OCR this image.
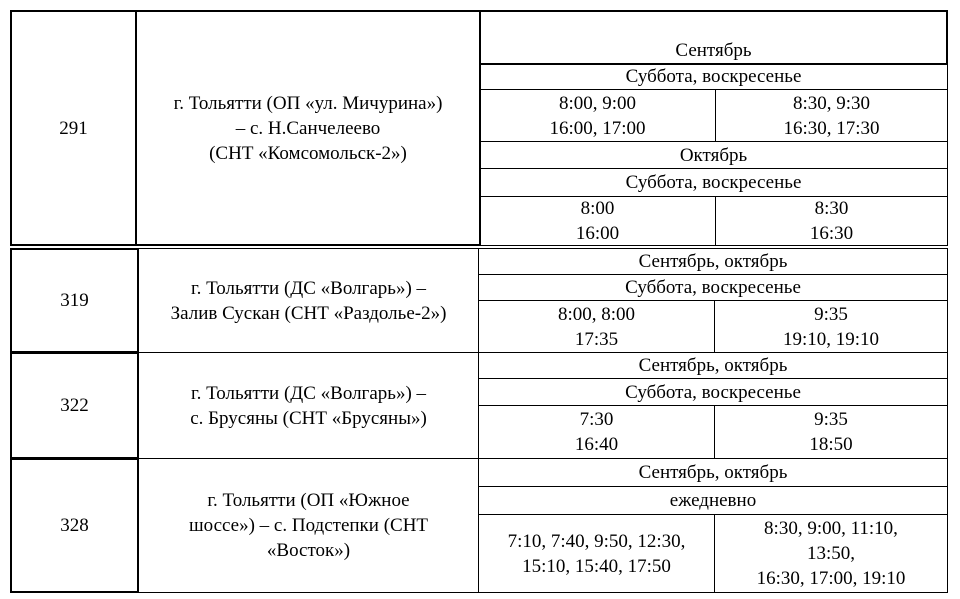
291
г. Тольятти (ОП «ул. Мичурина»)
– с. Н.Санчелеево
(СНТ «Комсомольск-2»)
Сентябрь
Суббота, воскресенье
8:00, 9:00
16:00, 17:00
8:30, 9:30
16:30, 17:30
Октябрь
Суббота, воскресенье
8:00
16:00
8:30
16:30
319
г. Тольятти (ДС «Волгарь») –
Залив Сускан (СНТ «Раздолье-2»)
Сентябрь, октябрь
Суббота, воскресенье
8:00, 8:00
17:35
9:35
19:10, 19:10
322
г. Тольятти (ДС «Волгарь») –
с. Брусяны (СНТ «Брусяны»)
Сентябрь, октябрь
Суббота, воскресенье
7:30
16:40
9:35
18:50
328
г. Тольятти (ОП «Южное
шоссе») – с. Подстепки (СНТ
«Восток»)
Сентябрь, октябрь
ежедневно
7:10, 7:40, 9:50, 12:30,
15:10, 15:40, 17:50
8:30, 9:00, 11:10,
13:50,
16:30, 17:00, 19:10
